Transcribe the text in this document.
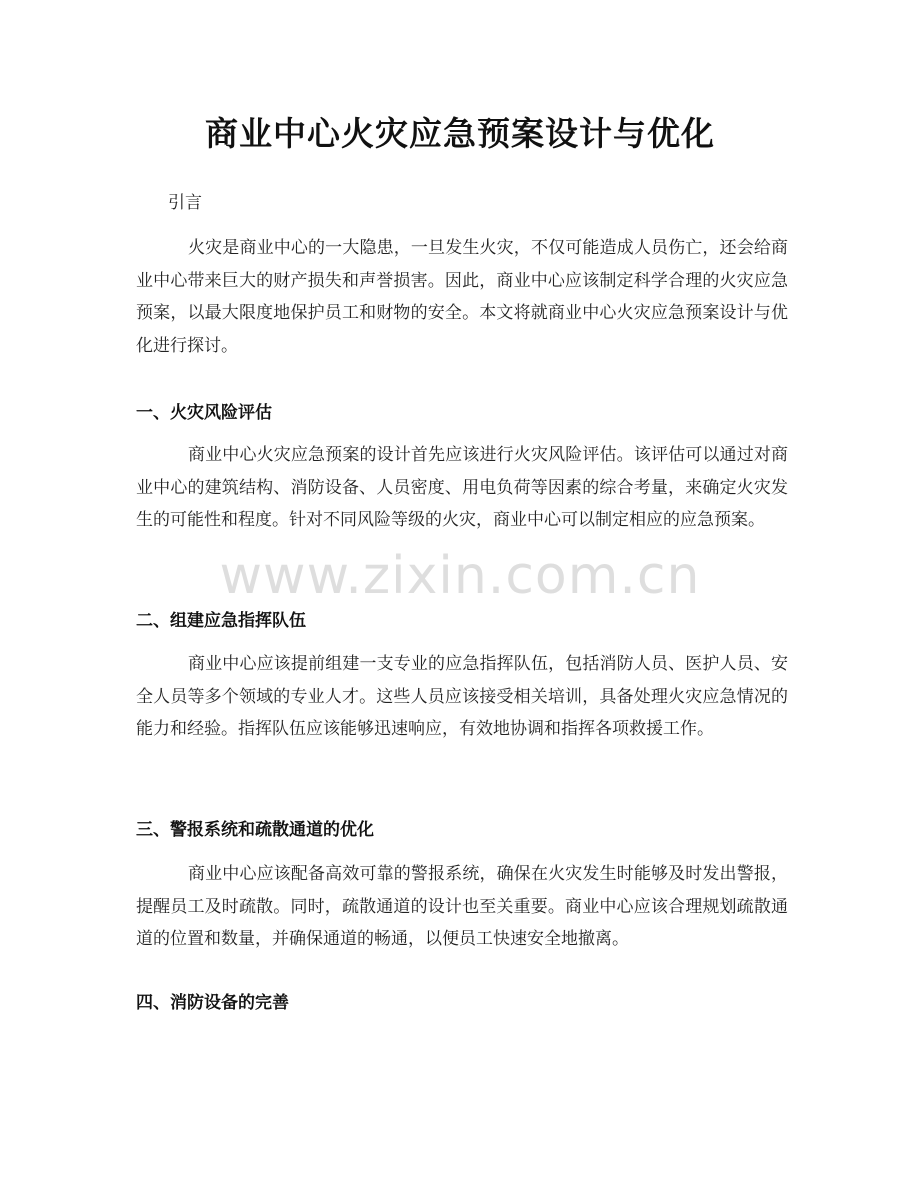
商业中心火灾应急预案设计与优化
引言
火灾是商业中心的一大隐患，一旦发生火灾，不仅可能造成人员伤亡，还会给商业中心带来巨大的财产损失和声誉损害。因此，商业中心应该制定科学合理的火灾应急预案，以最大限度地保护员工和财物的安全。本文将就商业中心火灾应急预案设计与优化进行探讨。
一、火灾风险评估
商业中心火灾应急预案的设计首先应该进行火灾风险评估。该评估可以通过对商业中心的建筑结构、消防设备、人员密度、用电负荷等因素的综合考量，来确定火灾发生的可能性和程度。针对不同风险等级的火灾，商业中心可以制定相应的应急预案。
二、组建应急指挥队伍
商业中心应该提前组建一支专业的应急指挥队伍，包括消防人员、医护人员、安全人员等多个领域的专业人才。这些人员应该接受相关培训，具备处理火灾应急情况的能力和经验。指挥队伍应该能够迅速响应，有效地协调和指挥各项救援工作。
三、警报系统和疏散通道的优化
商业中心应该配备高效可靠的警报系统，确保在火灾发生时能够及时发出警报，提醒员工及时疏散。同时，疏散通道的设计也至关重要。商业中心应该合理规划疏散通道的位置和数量，并确保通道的畅通，以便员工快速安全地撤离。
四、消防设备的完善
www.zixin.com.cn
